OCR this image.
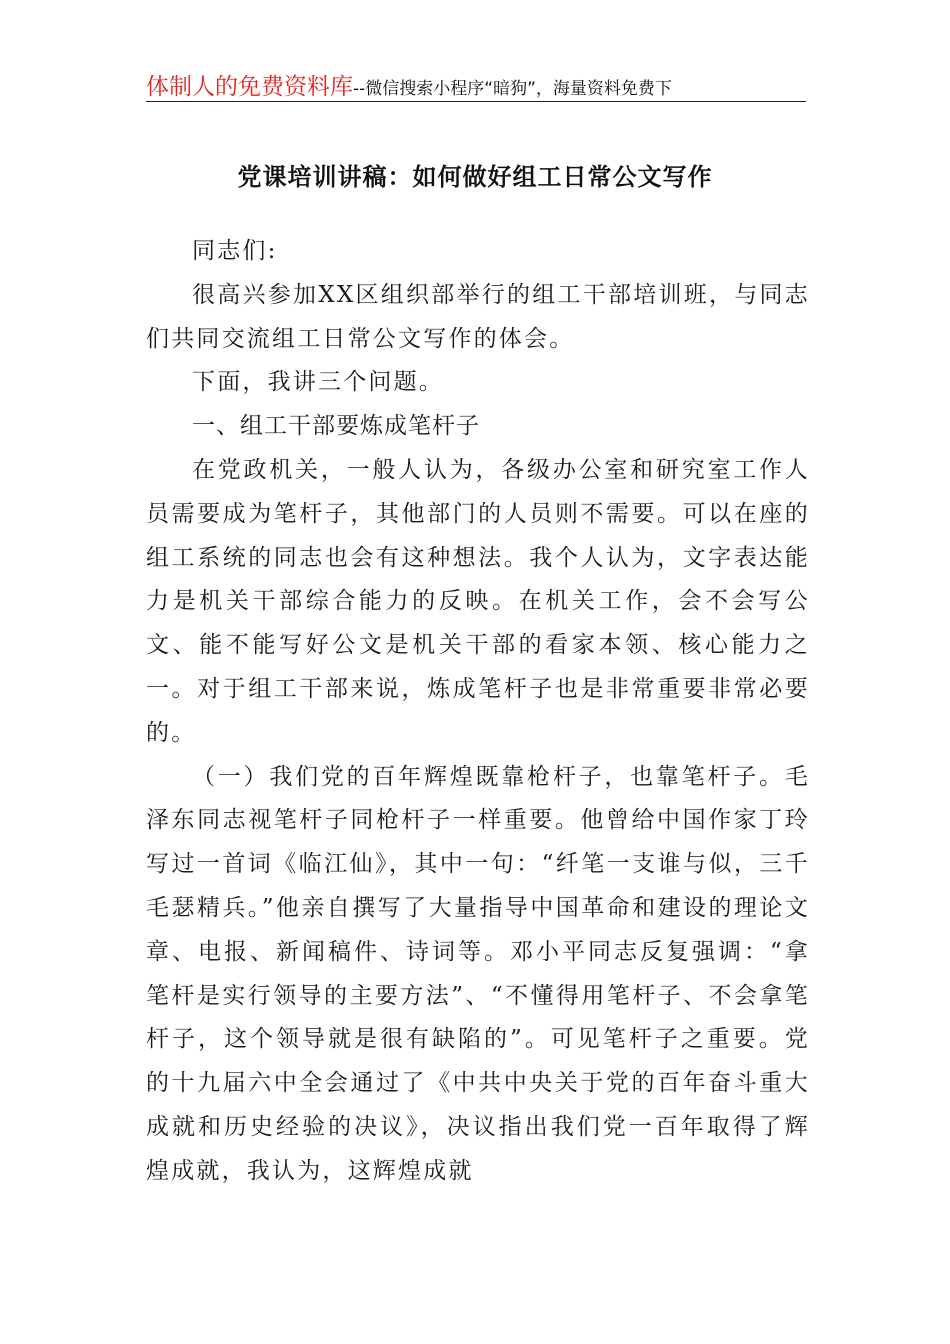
体制人的免费资料库--微信搜索小程序“暗狗”，海量资料免费下
党课培训讲稿：如何做好组工日常公文写作

同志们:

很高兴参加XX区组织部举行的组工干部培训班，与同志们共同交流组工日常公文写作的体会。

下面，我讲三个问题。

一、组工干部要炼成笔杆子

在党政机关，一般人认为，各级办公室和研究室工作人员需要成为笔杆子，其他部门的人员则不需要。可以在座的组工系统的同志也会有这种想法。我个人认为，文字表达能力是机关干部综合能力的反映。在机关工作，会不会写公文、能不能写好公文是机关干部的看家本领、核心能力之一。对于组工干部来说，炼成笔杆子也是非常重要非常必要的。

（一）我们党的百年辉煌既靠枪杆子，也靠笔杆子。毛泽东同志视笔杆子同枪杆子一样重要。他曾给中国作家丁玲写过一首词《临江仙》，其中一句：“纤笔一支谁与似，三千毛瑟精兵。”他亲自撰写了大量指导中国革命和建设的理论文章、电报、新闻稿件、诗词等。邓小平同志反复强调：“拿笔杆是实行领导的主要方法”、“不懂得用笔杆子、不会拿笔杆子，这个领导就是很有缺陷的”。可见笔杆子之重要。党的十九届六中全会通过了《中共中央关于党的百年奋斗重大成就和历史经验的决议》，决议指出我们党一百年取得了辉煌成就，我认为，这辉煌成就
